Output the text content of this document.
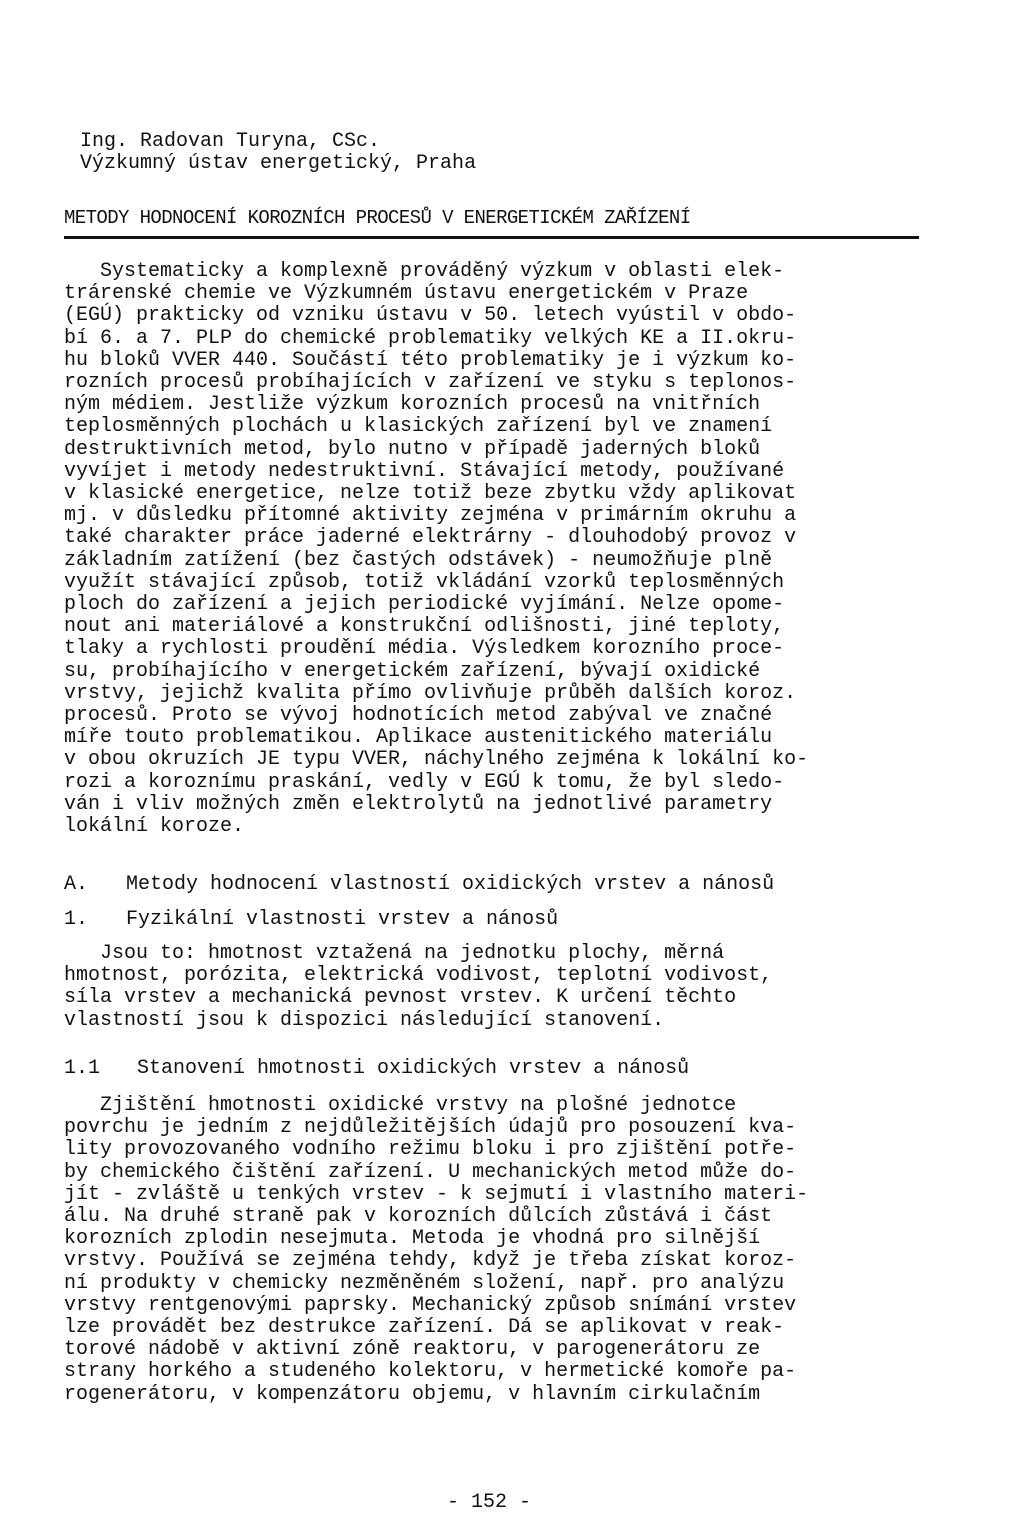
Ing. Radovan Turyna, CSc.
Výzkumný ústav energetický, Praha
METODY HODNOCENÍ KOROZNÍCH PROCESŮ V ENERGETICKÉM ZAŘÍZENÍ
Systematicky a komplexně prováděný výzkum v oblasti elek-
trárenské chemie ve Výzkumném ústavu energetickém v Praze
(EGÚ) prakticky od vzniku ústavu v 50. letech vyústil v obdo-
bí 6. a 7. PLP do chemické problematiky velkých KE a II.okru-
hu bloků VVER 440. Součástí této problematiky je i výzkum ko-
rozních procesů probíhajících v zařízení ve styku s teplonos-
ným médiem. Jestliže výzkum korozních procesů na vnitřních
teplosměnných plochách u klasických zařízení byl ve znamení
destruktivních metod, bylo nutno v případě jaderných bloků
vyvíjet i metody nedestruktivní. Stávající metody, používané
v klasické energetice, nelze totiž beze zbytku vždy aplikovat
mj. v důsledku přítomné aktivity zejména v primárním okruhu a
také charakter práce jaderné elektrárny - dlouhodobý provoz v
základním zatížení (bez častých odstávek) - neumožňuje plně
využít stávající způsob, totiž vkládání vzorků teplosměnných
ploch do zařízení a jejich periodické vyjímání. Nelze opome-
nout ani materiálové a konstrukční odlišnosti, jiné teploty,
tlaky a rychlosti proudění média. Výsledkem korozního proce-
su, probíhajícího v energetickém zařízení, bývají oxidické
vrstvy, jejichž kvalita přímo ovlivňuje průběh dalších koroz.
procesů. Proto se vývoj hodnotících metod zabýval ve značné
míře touto problematikou. Aplikace austenitického materiálu
v obou okruzích JE typu VVER, náchylného zejména k lokální ko-
rozi a koroznímu praskání, vedly v EGÚ k tomu, že byl sledo-
ván i vliv možných změn elektrolytů na jednotlivé parametry
lokální koroze.
A. Metody hodnocení vlastností oxidických vrstev a nánosů
1. Fyzikální vlastnosti vrstev a nánosů
Jsou to: hmotnost vztažená na jednotku plochy, měrná
hmotnost, porózita, elektrická vodivost, teplotní vodivost,
síla vrstev a mechanická pevnost vrstev. K určení těchto
vlastností jsou k dispozici následující stanovení.
1.1 Stanovení hmotnosti oxidických vrstev a nánosů
Zjištění hmotnosti oxidické vrstvy na plošné jednotce
povrchu je jedním z nejdůležitějších údajů pro posouzení kva-
lity provozovaného vodního režimu bloku i pro zjištění potře-
by chemického čištění zařízení. U mechanických metod může do-
jít - zvláště u tenkých vrstev - k sejmutí i vlastního materi-
álu. Na druhé straně pak v korozních důlcích zůstává i část
korozních zplodin nesejmuta. Metoda je vhodná pro silnější
vrstvy. Používá se zejména tehdy, když je třeba získat koroz-
ní produkty v chemicky nezměněném složení, např. pro analýzu
vrstvy rentgenovými paprsky. Mechanický způsob snímání vrstev
lze provádět bez destrukce zařízení. Dá se aplikovat v reak-
torové nádobě v aktivní zóně reaktoru, v parogenerátoru ze
strany horkého a studeného kolektoru, v hermetické komoře pa-
rogenerátoru, v kompenzátoru objemu, v hlavním cirkulačním
- 152 -
